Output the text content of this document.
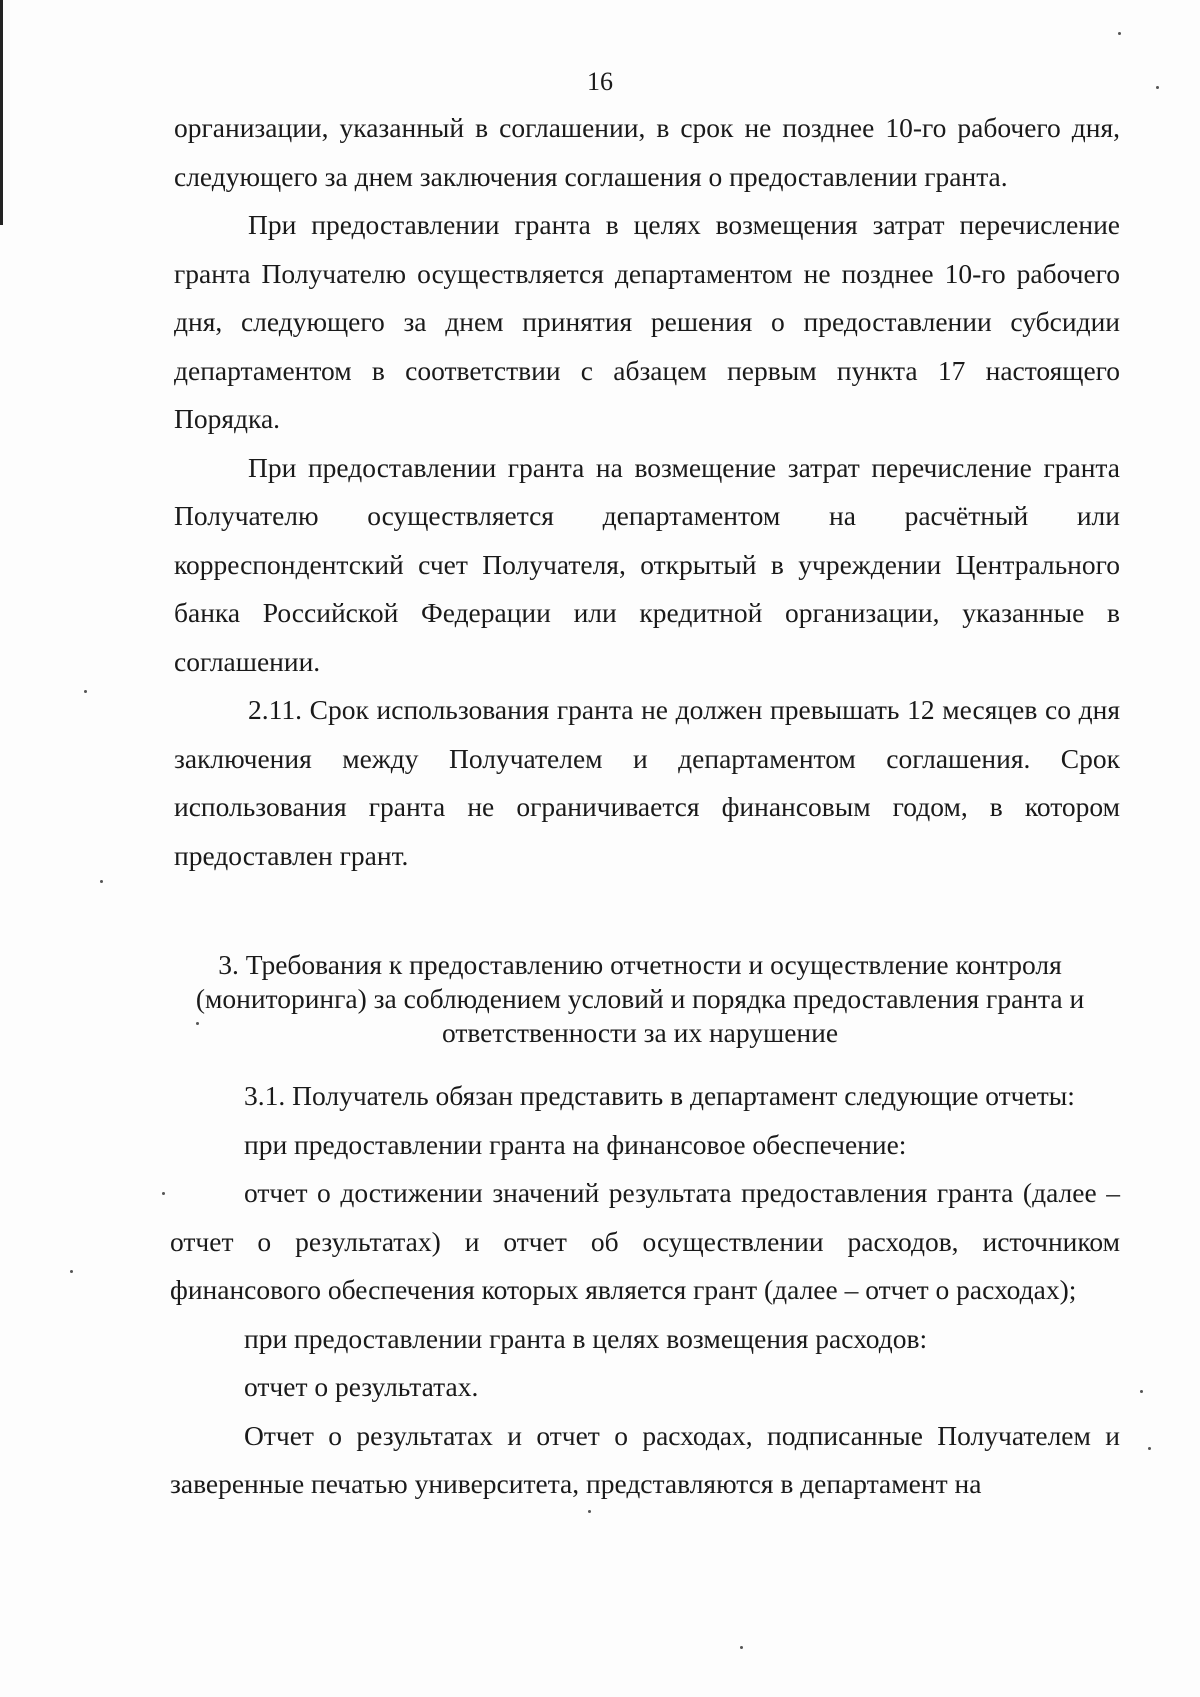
16

организации, указанный в соглашении, в срок не позднее 10-го рабочего дня, следующего за днем заключения соглашения о предоставлении гранта.

При предоставлении гранта в целях возмещения затрат перечисление гранта Получателю осуществляется департаментом не позднее 10-го рабочего дня, следующего за днем принятия решения о предоставлении субсидии департаментом в соответствии с абзацем первым пункта 17 настоящего Порядка.

При предоставлении гранта на возмещение затрат перечисление гранта Получателю осуществляется департаментом на расчётный или корреспондентский счет Получателя, открытый в учреждении Центрального банка Российской Федерации или кредитной организации, указанные в соглашении.

2.11. Срок использования гранта не должен превышать 12 месяцев со дня заключения между Получателем и департаментом соглашения. Срок использования гранта не ограничивается финансовым годом, в котором предоставлен грант.

3. Требования к предоставлению отчетности и осуществление контроля
(мониторинга) за соблюдением условий и порядка предоставления гранта и
ответственности за их нарушение

3.1. Получатель обязан представить в департамент следующие отчеты:

при предоставлении гранта на финансовое обеспечение:

отчет о достижении значений результата предоставления гранта (далее – отчет о результатах) и отчет об осуществлении расходов, источником финансового обеспечения которых является грант (далее – отчет о расходах);

при предоставлении гранта в целях возмещения расходов:

отчет о результатах.

Отчет о результатах и отчет о расходах, подписанные Получателем и заверенные печатью университета, представляются в департамент на
